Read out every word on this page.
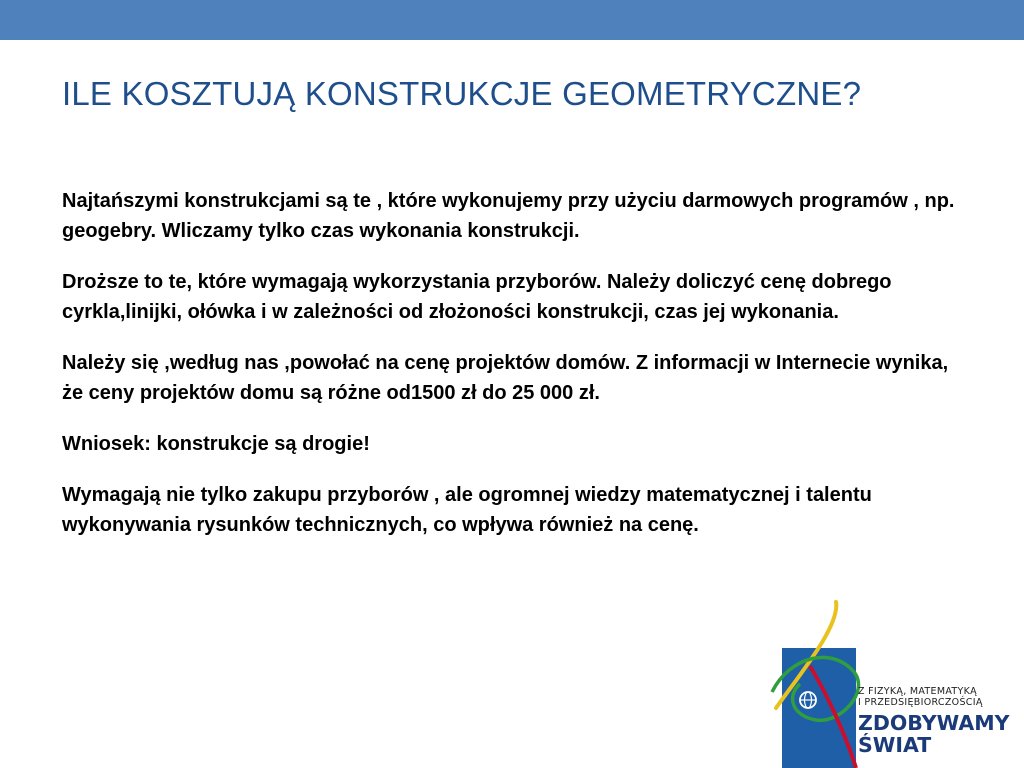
ILE KOSZTUJĄ KONSTRUKCJE GEOMETRYCZNE?

Najtańszymi konstrukcjami są te , które wykonujemy przy użyciu darmowych programów , np. geogebry. Wliczamy tylko czas wykonania konstrukcji.

Droższe to te, które wymagają wykorzystania przyborów. Należy doliczyć cenę dobrego cyrkla,linijki, ołówka i w zależności od złożoności konstrukcji, czas jej wykonania.

Należy się ,według nas ,powołać na cenę projektów domów. Z informacji w Internecie wynika, że ceny projektów domu są różne od1500 zł do 25 000 zł.

Wniosek: konstrukcje są drogie!

Wymagają nie tylko zakupu przyborów , ale ogromnej wiedzy matematycznej i talentu wykonywania rysunków technicznych, co wpływa również na cenę.

Z FIZYKĄ, MATEMATYKĄ
I PRZEDSIĘBIORCZOŚCIĄ
ZDOBYWAMY
ŚWIAT
